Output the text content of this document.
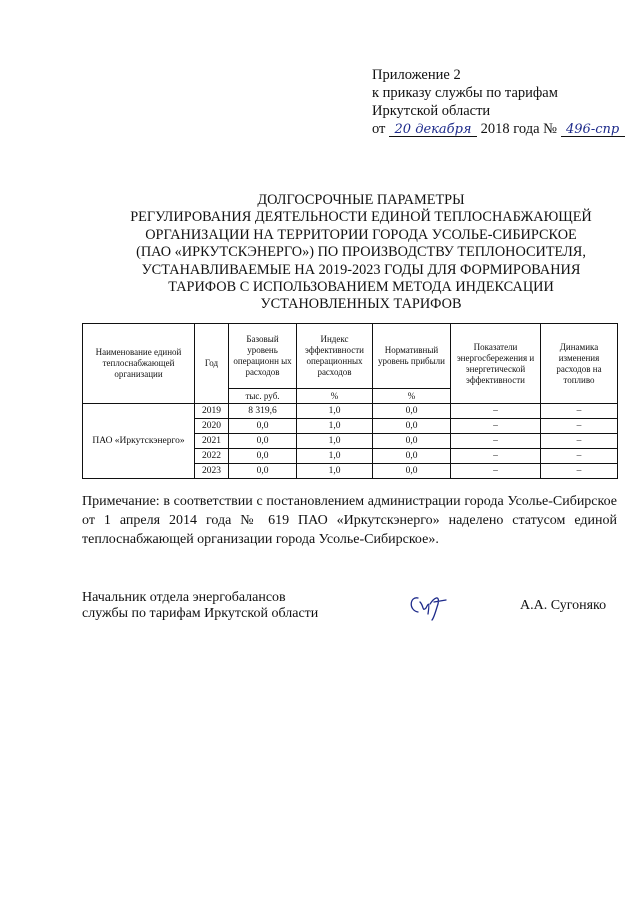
Приложение 2
к приказу службы по тарифам
Иркутской области
от 20 декабря 2018 года № 496-спр
ДОЛГОСРОЧНЫЕ ПАРАМЕТРЫ
РЕГУЛИРОВАНИЯ ДЕЯТЕЛЬНОСТИ ЕДИНОЙ ТЕПЛОСНАБЖАЮЩЕЙ
ОРГАНИЗАЦИИ НА ТЕРРИТОРИИ ГОРОДА УСОЛЬЕ-СИБИРСКОЕ
(ПАО «ИРКУТСКЭНЕРГО») ПО ПРОИЗВОДСТВУ ТЕПЛОНОСИТЕЛЯ,
УСТАНАВЛИВАЕМЫЕ НА 2019-2023 ГОДЫ ДЛЯ ФОРМИРОВАНИЯ
ТАРИФОВ С ИСПОЛЬЗОВАНИЕМ МЕТОДА ИНДЕКСАЦИИ
УСТАНОВЛЕННЫХ ТАРИФОВ
Наименование единой теплоснабжающей организации	Год	Базовый уровень операционн ых расходов	Индекс эффективности операционных расходов	Нормативный уровень прибыли	Показатели энергосбережения и энергетической эффективности	Динамика изменения расходов на топливо
		тыс. руб.	%	%		
ПАО «Иркутскэнерго»	2019	8 319,6	1,0	0,0	–	–
	2020	0,0	1,0	0,0	–	–
	2021	0,0	1,0	0,0	–	–
	2022	0,0	1,0	0,0	–	–
	2023	0,0	1,0	0,0	–	–
Примечание: в соответствии с постановлением администрации города Усолье-Сибирское от 1 апреля 2014 года № 619 ПАО «Иркутскэнерго» наделено статусом единой теплоснабжающей организации города Усолье-Сибирское».
Начальник отдела энергобалансов
службы по тарифам Иркутской области
А.А. Сугоняко
